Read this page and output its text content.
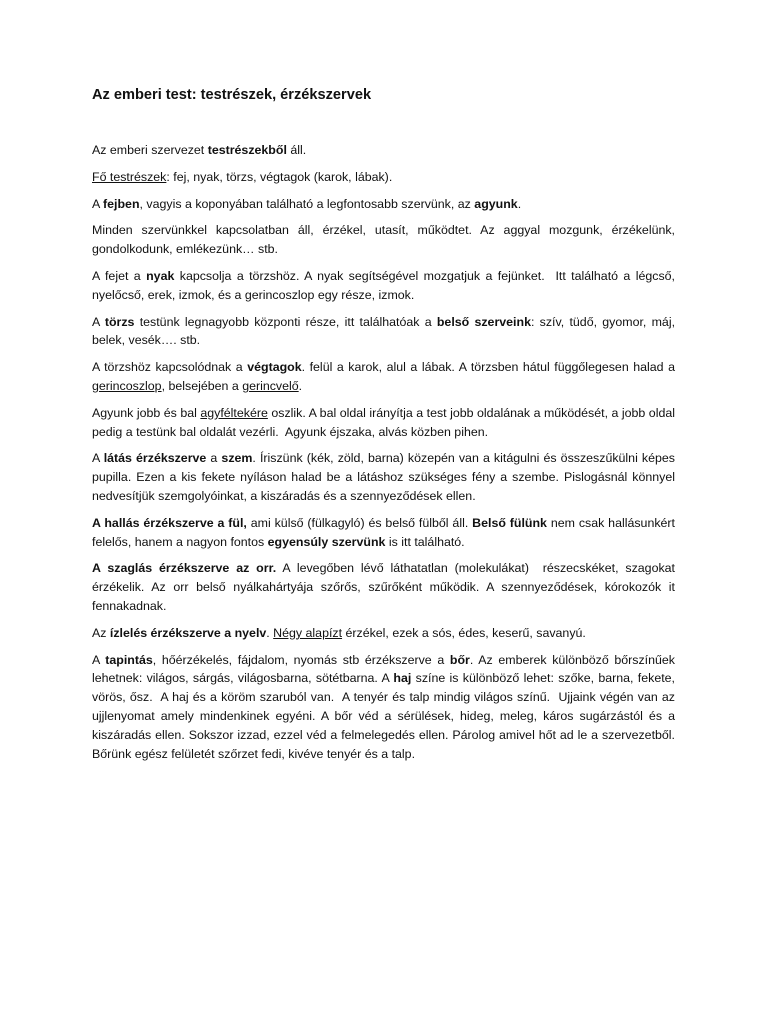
Az emberi test: testrészek, érzékszervek

Az emberi szervezet testrészekből áll.

Fő testrészek: fej, nyak, törzs, végtagok (karok, lábak).

A fejben, vagyis a koponyában található a legfontosabb szervünk, az agyunk.

Minden szervünkkel kapcsolatban áll, érzékel, utasít, működtet. Az aggyal mozgunk, érzékelünk, gondolkodunk, emlékezünk… stb.

A fejet a nyak kapcsolja a törzshöz. A nyak segítségével mozgatjuk a fejünket.  Itt található a légcső, nyelőcső, erek, izmok, és a gerincoszlop egy része, izmok.

A törzs testünk legnagyobb központi része, itt találhatóak a belső szerveink: szív, tüdő, gyomor, máj, belek, vesék…. stb.

A törzshöz kapcsolódnak a végtagok. felül a karok, alul a lábak. A törzsben hátul függőlegesen halad a gerincoszlop, belsejében a gerincvelő.

Agyunk jobb és bal agyféltekére oszlik. A bal oldal irányítja a test jobb oldalának a működését, a jobb oldal pedig a testünk bal oldalát vezérli.  Agyunk éjszaka, alvás közben pihen.

A látás érzékszerve a szem. Íriszünk (kék, zöld, barna) közepén van a kitágulni és összeszűkülni képes pupilla. Ezen a kis fekete nyíláson halad be a látáshoz szükséges fény a szembe. Pislogásnál könnyel nedvesítjük szemgolyóinkat, a kiszáradás és a szennyeződések ellen.

A hallás érzékszerve a fül, ami külső (fülkagyló) és belső fülből áll. Belső fülünk nem csak hallásunkért felelős, hanem a nagyon fontos egyensúly szervünk is itt található.

A szaglás érzékszerve az orr. A levegőben lévő láthatatlan (molekulákat)  részecskéket, szagokat érzékelik. Az orr belső nyálkahártyája szőrős, szűrőként működik. A szennyeződések, kórokozók it fennakadnak.

Az ízlelés érzékszerve a nyelv. Négy alapízt érzékel, ezek a sós, édes, keserű, savanyú.

A tapintás, hőérzékelés, fájdalom, nyomás stb érzékszerve a bőr. Az emberek különböző bőrszínűek lehetnek: világos, sárgás, világosbarna, sötétbarna. A haj színe is különböző lehet: szőke, barna, fekete, vörös, ősz.  A haj és a köröm szaruból van.  A tenyér és talp mindig világos színű.  Ujjaink végén van az ujjlenyomat amely mindenkinek egyéni. A bőr véd a sérülések, hideg, meleg, káros sugárzástól és a kiszáradás ellen. Sokszor izzad, ezzel véd a felmelegedés ellen. Párolog amivel hőt ad le a szervezetből. Bőrünk egész felületét szőrzet fedi, kivéve tenyér és a talp.
